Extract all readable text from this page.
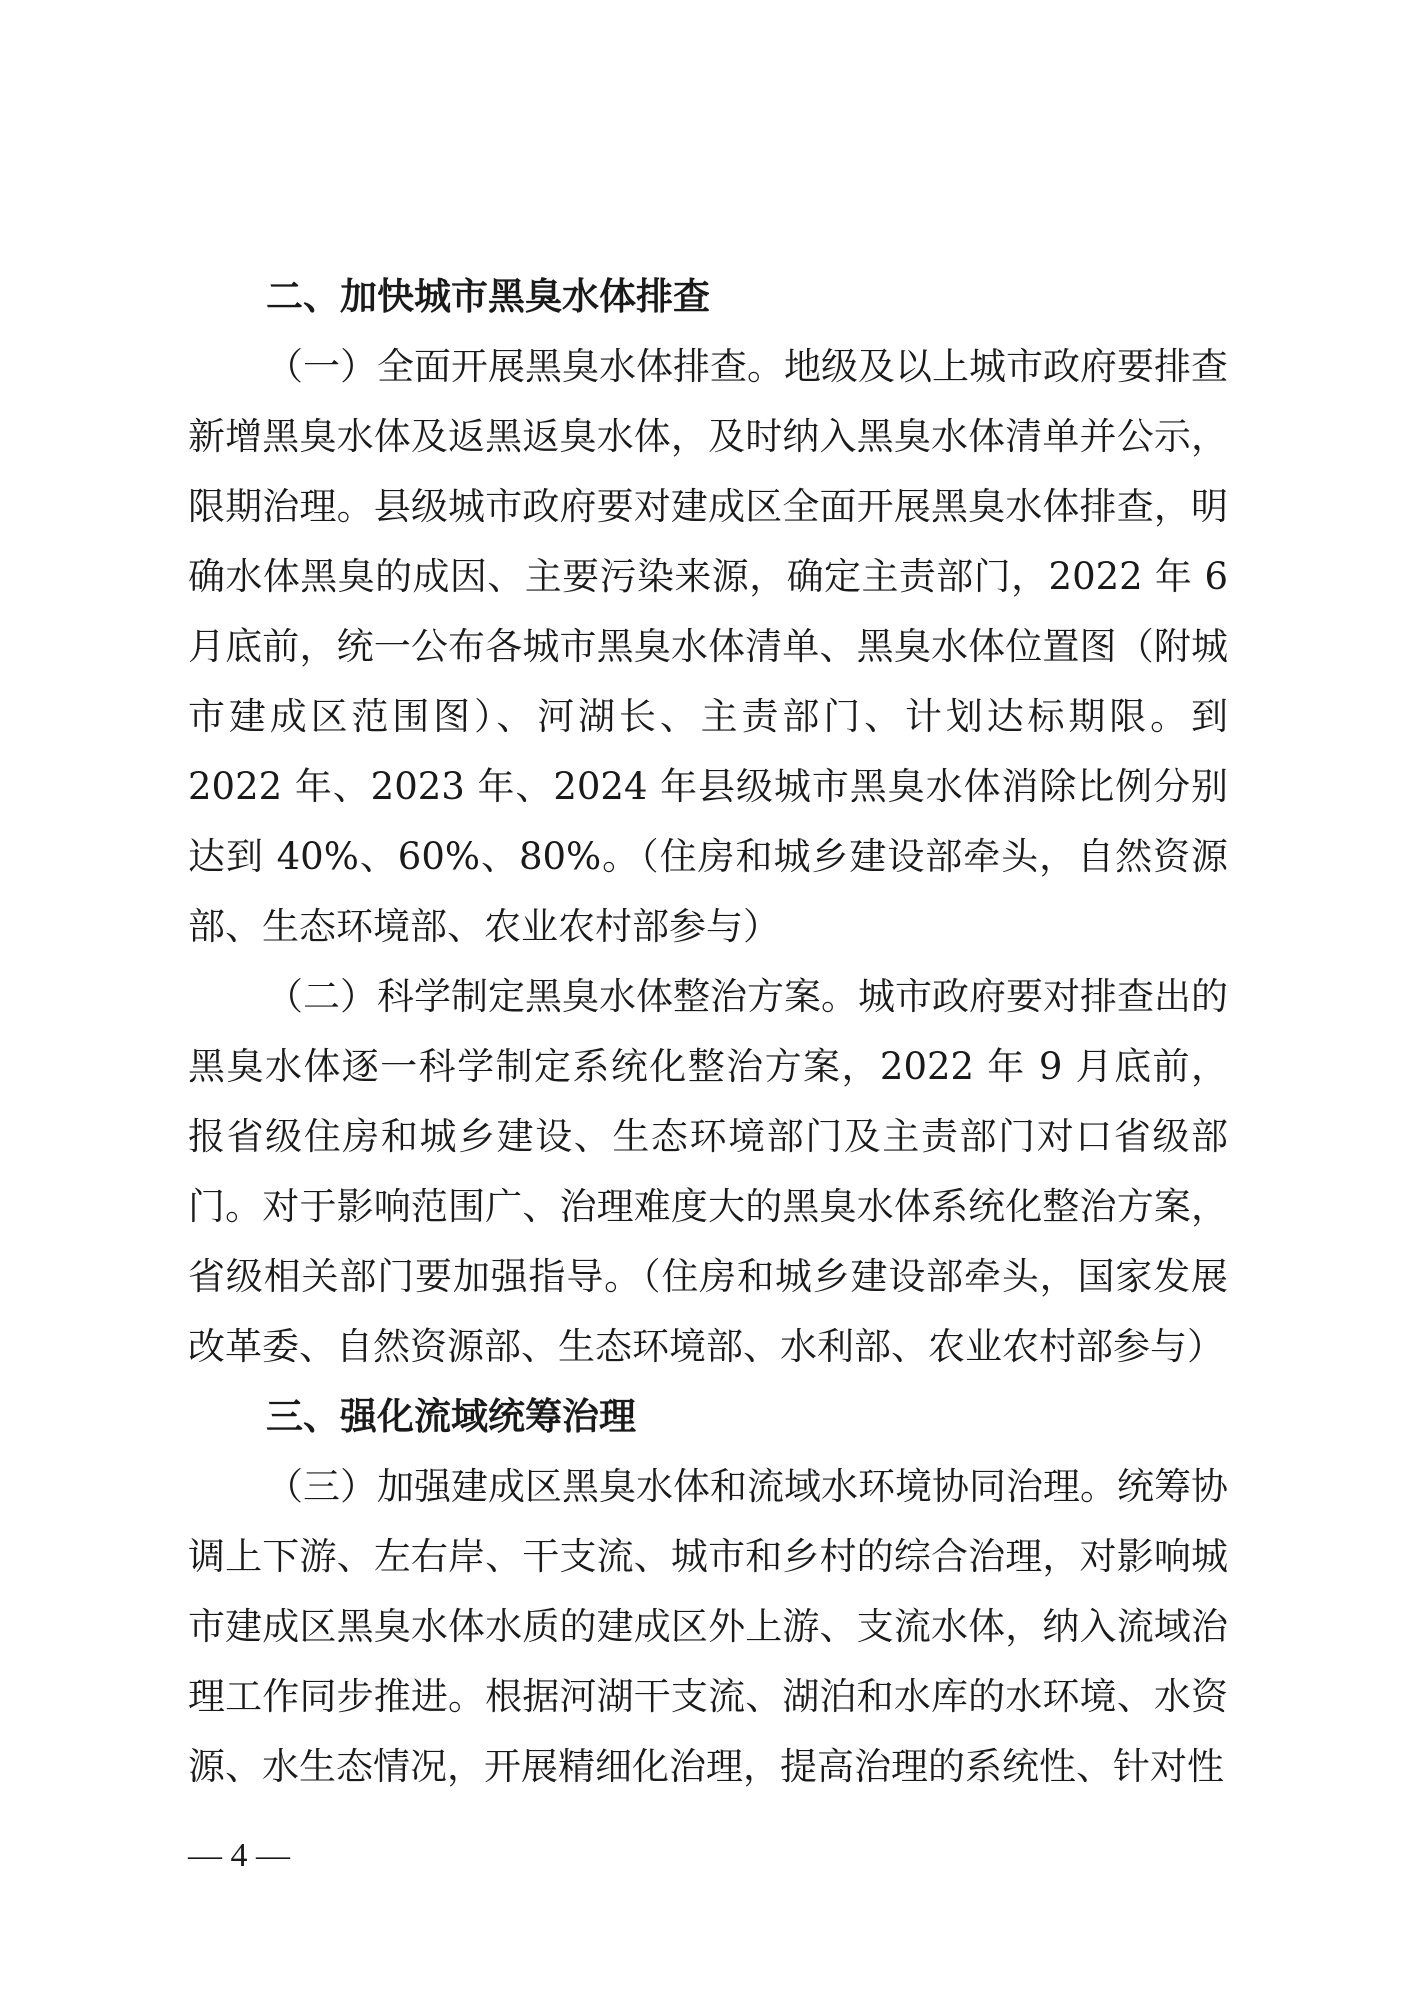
二、加快城市黑臭水体排查

（一）全面开展黑臭水体排查。地级及以上城市政府要排查新增黑臭水体及返黑返臭水体，及时纳入黑臭水体清单并公示，限期治理。县级城市政府要对建成区全面开展黑臭水体排查，明确水体黑臭的成因、主要污染来源，确定主责部门，2022 年 6 月底前，统一公布各城市黑臭水体清单、黑臭水体位置图（附城市建成区范围图）、河湖长、主责部门、计划达标期限。到 2022 年、2023 年、2024 年县级城市黑臭水体消除比例分别达到 40%、60%、80%。（住房和城乡建设部牵头，自然资源部、生态环境部、农业农村部参与）

（二）科学制定黑臭水体整治方案。城市政府要对排查出的黑臭水体逐一科学制定系统化整治方案，2022 年 9 月底前，报省级住房和城乡建设、生态环境部门及主责部门对口省级部门。对于影响范围广、治理难度大的黑臭水体系统化整治方案，省级相关部门要加强指导。（住房和城乡建设部牵头，国家发展改革委、自然资源部、生态环境部、水利部、农业农村部参与）

三、强化流域统筹治理

（三）加强建成区黑臭水体和流域水环境协同治理。统筹协调上下游、左右岸、干支流、城市和乡村的综合治理，对影响城市建成区黑臭水体水质的建成区外上游、支流水体，纳入流域治理工作同步推进。根据河湖干支流、湖泊和水库的水环境、水资源、水生态情况，开展精细化治理，提高治理的系统性、针对性

— 4 —
